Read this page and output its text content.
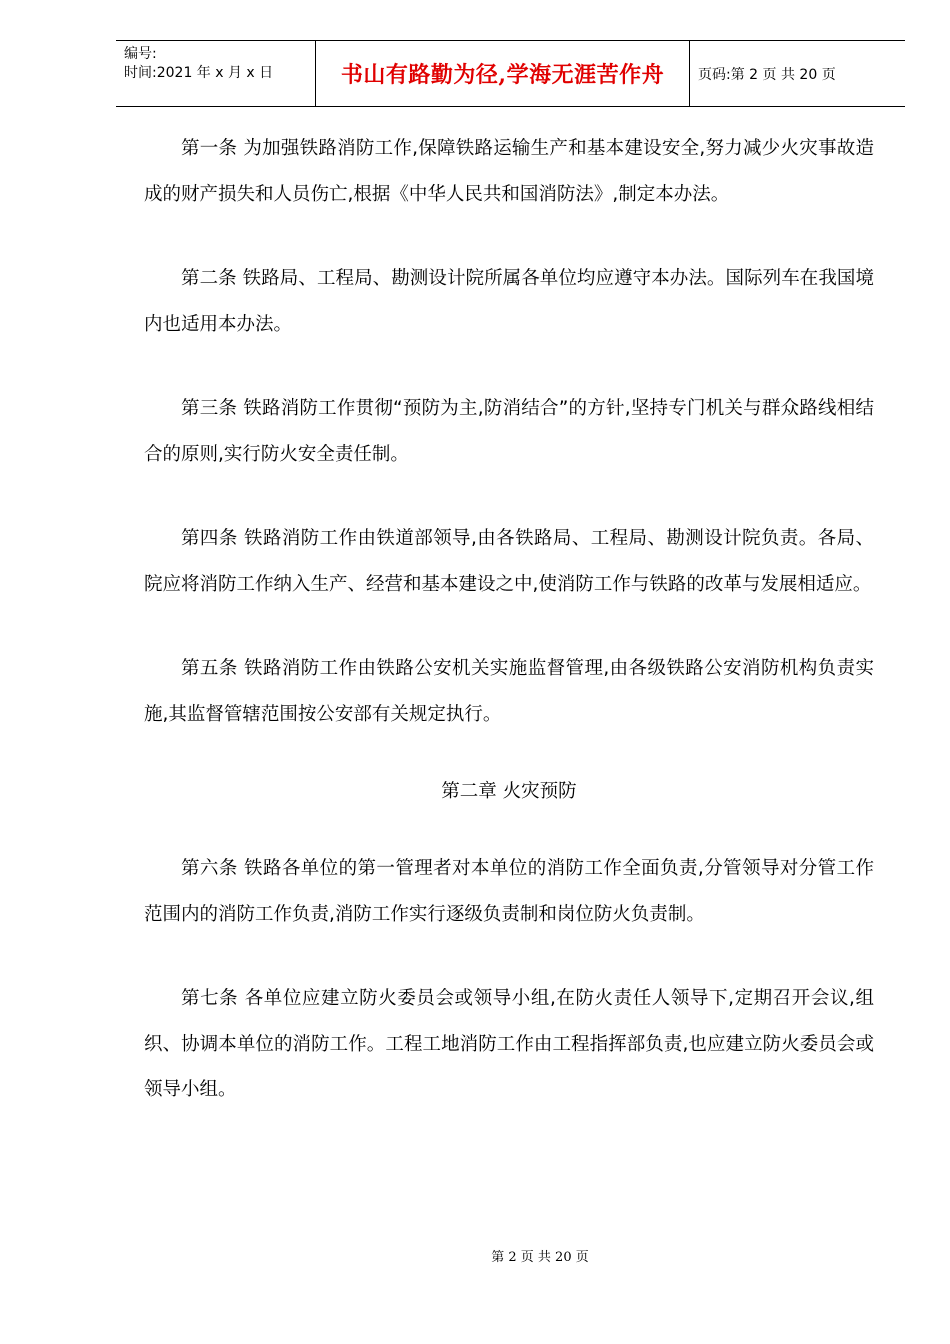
编号:
时间:2021 年 x 月 x 日	书山有路勤为径,学海无涯苦作舟	页码:第 2 页 共 20 页

第一条 为加强铁路消防工作,保障铁路运输生产和基本建设安全,努力减少火灾事故造成的财产损失和人员伤亡,根据《中华人民共和国消防法》,制定本办法。

第二条 铁路局、工程局、勘测设计院所属各单位均应遵守本办法。国际列车在我国境内也适用本办法。

第三条 铁路消防工作贯彻“预防为主,防消结合”的方针,坚持专门机关与群众路线相结合的原则,实行防火安全责任制。

第四条 铁路消防工作由铁道部领导,由各铁路局、工程局、勘测设计院负责。各局、院应将消防工作纳入生产、经营和基本建设之中,使消防工作与铁路的改革与发展相适应。

第五条 铁路消防工作由铁路公安机关实施监督管理,由各级铁路公安消防机构负责实施,其监督管辖范围按公安部有关规定执行。

第二章 火灾预防

第六条 铁路各单位的第一管理者对本单位的消防工作全面负责,分管领导对分管工作范围内的消防工作负责,消防工作实行逐级负责制和岗位防火负责制。

第七条 各单位应建立防火委员会或领导小组,在防火责任人领导下,定期召开会议,组织、协调本单位的消防工作。工程工地消防工作由工程指挥部负责,也应建立防火委员会或领导小组。

第 2 页 共 20 页
